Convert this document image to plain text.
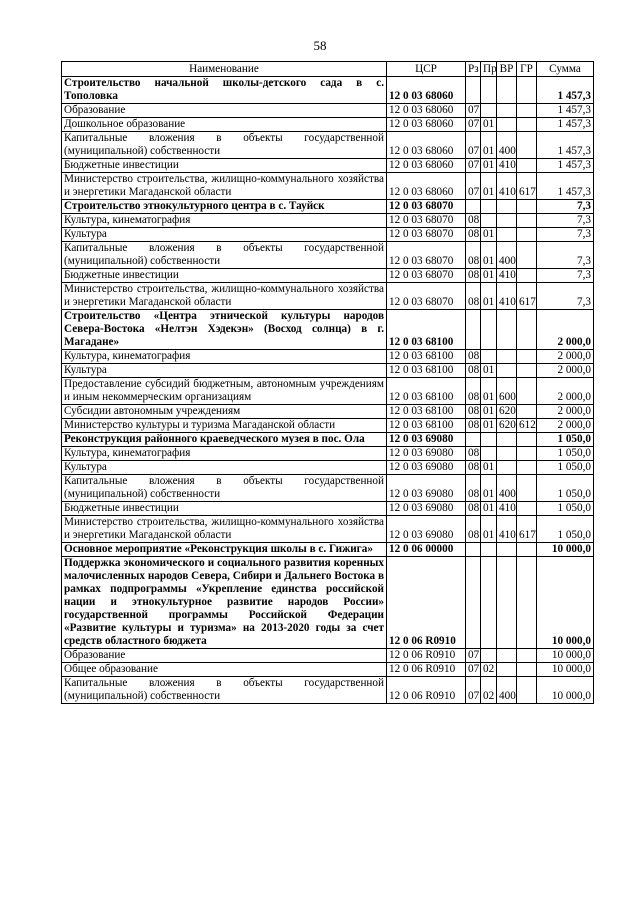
58
Наименование	ЦСР	Рз	Пр	ВР	ГР	Сумма
Строительство начальной школы-детского сада в с. Тополовка	12 0 03 68060					1 457,3
Образование	12 0 03 68060	07				1 457,3
Дошкольное образование	12 0 03 68060	07	01			1 457,3
Капитальные вложения в объекты государственной (муниципальной) собственности	12 0 03 68060	07	01	400		1 457,3
Бюджетные инвестиции	12 0 03 68060	07	01	410		1 457,3
Министерство строительства, жилищно-коммунального хозяйства и энергетики Магаданской области	12 0 03 68060	07	01	410	617	1 457,3
Строительство этнокультурного центра в с. Тауйск	12 0 03 68070					7,3
Культура, кинематография	12 0 03 68070	08				7,3
Культура	12 0 03 68070	08	01			7,3
Капитальные вложения в объекты государственной (муниципальной) собственности	12 0 03 68070	08	01	400		7,3
Бюджетные инвестиции	12 0 03 68070	08	01	410		7,3
Министерство строительства, жилищно-коммунального хозяйства и энергетики Магаданской области	12 0 03 68070	08	01	410	617	7,3
Строительство «Центра этнической культуры народов Севера-Востока «Нелтэн Хэдекэн» (Восход солнца) в г. Магадане»	12 0 03 68100					2 000,0
Культура, кинематография	12 0 03 68100	08				2 000,0
Культура	12 0 03 68100	08	01			2 000,0
Предоставление субсидий бюджетным, автономным учреждениям и иным некоммерческим организациям	12 0 03 68100	08	01	600		2 000,0
Субсидии автономным учреждениям	12 0 03 68100	08	01	620		2 000,0
Министерство культуры и туризма Магаданской области	12 0 03 68100	08	01	620	612	2 000,0
Реконструкция районного краеведческого музея в пос. Ола	12 0 03 69080					1 050,0
Культура, кинематография	12 0 03 69080	08				1 050,0
Культура	12 0 03 69080	08	01			1 050,0
Капитальные вложения в объекты государственной (муниципальной) собственности	12 0 03 69080	08	01	400		1 050,0
Бюджетные инвестиции	12 0 03 69080	08	01	410		1 050,0
Министерство строительства, жилищно-коммунального хозяйства и энергетики Магаданской области	12 0 03 69080	08	01	410	617	1 050,0
Основное мероприятие «Реконструкция школы в с. Гижига»	12 0 06 00000					10 000,0
Поддержка экономического и социального развития коренных малочисленных народов Севера, Сибири и Дальнего Востока в рамках подпрограммы «Укрепление единства российской нации и этнокультурное развитие народов России» государственной программы Российской Федерации «Развитие культуры и туризма» на 2013-2020 годы за счет средств областного бюджета	12 0 06 R0910					10 000,0
Образование	12 0 06 R0910	07				10 000,0
Общее образование	12 0 06 R0910	07	02			10 000,0
Капитальные вложения в объекты государственной (муниципальной) собственности	12 0 06 R0910	07	02	400		10 000,0
